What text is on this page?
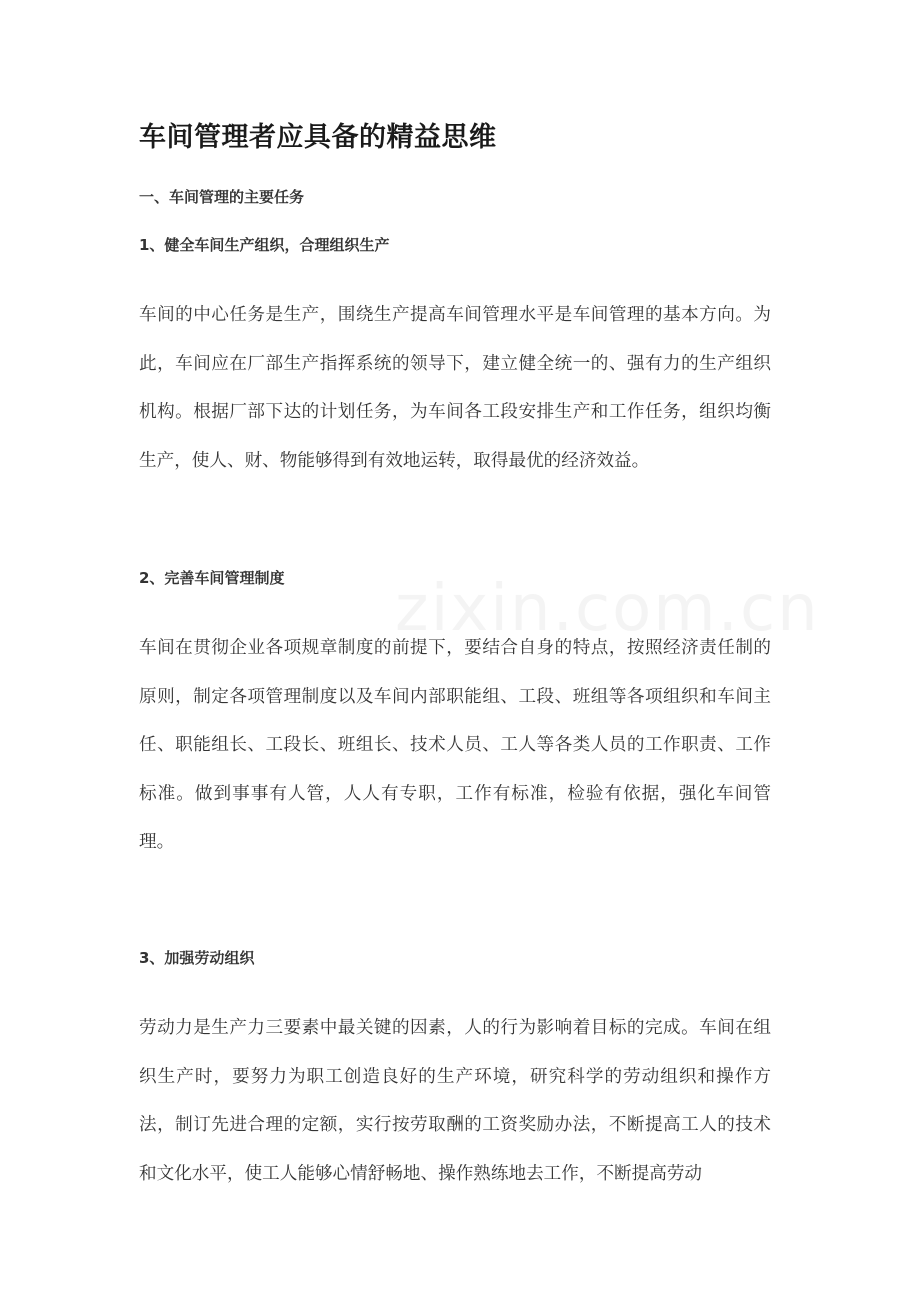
zixin.com.cn
车间管理者应具备的精益思维
一、车间管理的主要任务
1、健全车间生产组织，合理组织生产
车间的中心任务是生产，围绕生产提高车间管理水平是车间管理的基本方向。为此，车间应在厂部生产指挥系统的领导下，建立健全统一的、强有力的生产组织机构。根据厂部下达的计划任务，为车间各工段安排生产和工作任务，组织均衡生产，使人、财、物能够得到有效地运转，取得最优的经济效益。
2、完善车间管理制度
车间在贯彻企业各项规章制度的前提下，要结合自身的特点，按照经济责任制的原则，制定各项管理制度以及车间内部职能组、工段、班组等各项组织和车间主任、职能组长、工段长、班组长、技术人员、工人等各类人员的工作职责、工作标准。做到事事有人管，人人有专职，工作有标准，检验有依据，强化车间管理。
3、加强劳动组织
劳动力是生产力三要素中最关键的因素，人的行为影响着目标的完成。车间在组织生产时，要努力为职工创造良好的生产环境，研究科学的劳动组织和操作方法，制订先进合理的定额，实行按劳取酬的工资奖励办法，不断提高工人的技术和文化水平，使工人能够心情舒畅地、操作熟练地去工作，不断提高劳动
